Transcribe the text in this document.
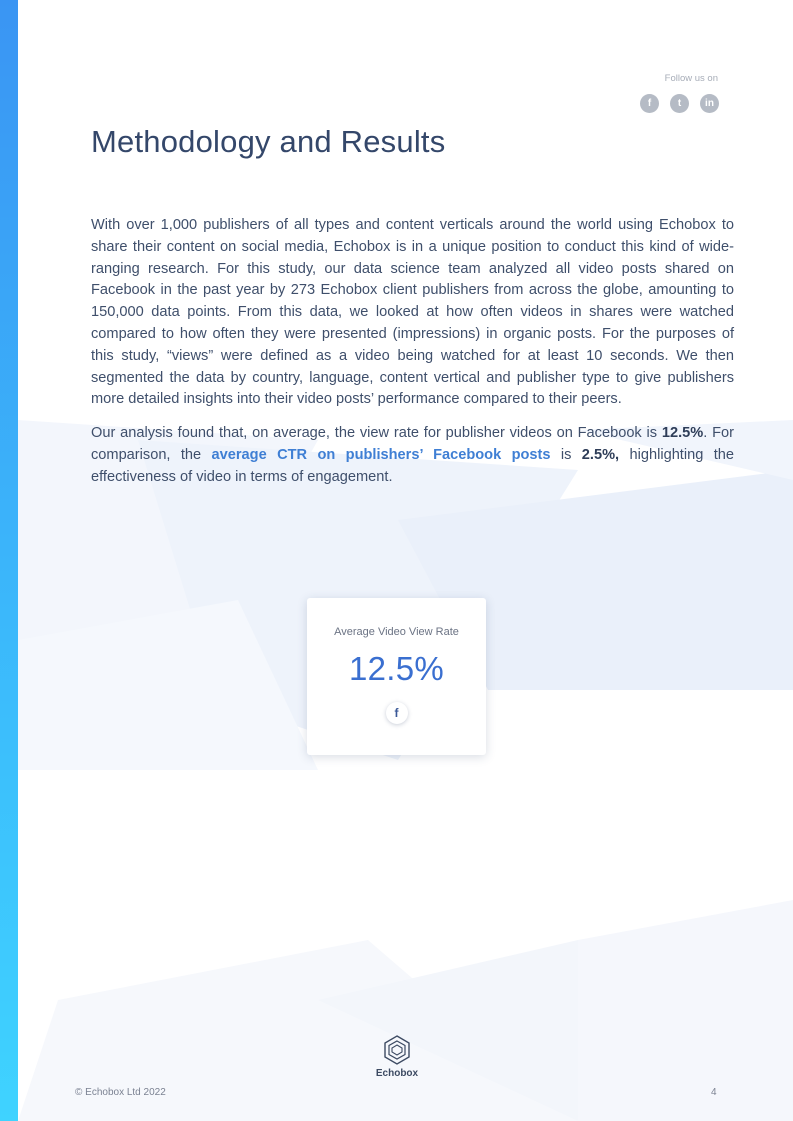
Follow us on
f	t	in
Methodology and Results

With over 1,000 publishers of all types and content verticals around the world using Echobox to share their content on social media, Echobox is in a unique position to conduct this kind of wide-ranging research. For this study, our data science team analyzed all video posts shared on Facebook in the past year by 273 Echobox client publishers from across the globe, amounting to 150,000 data points. From this data, we looked at how often videos in shares were watched compared to how often they were presented (impressions) in organic posts. For the purposes of this study, “views” were defined as a video being watched for at least 10 seconds. We then segmented the data by country, language, content vertical and publisher type to give publishers more detailed insights into their video posts’ performance compared to their peers.

Our analysis found that, on average, the view rate for publisher videos on Facebook is 12.5%. For comparison, the average CTR on publishers’ Facebook posts is 2.5%, highlighting the effectiveness of video in terms of engagement.

Average Video View Rate
12.5%
f
Echobox
© Echobox Ltd 2022	4
